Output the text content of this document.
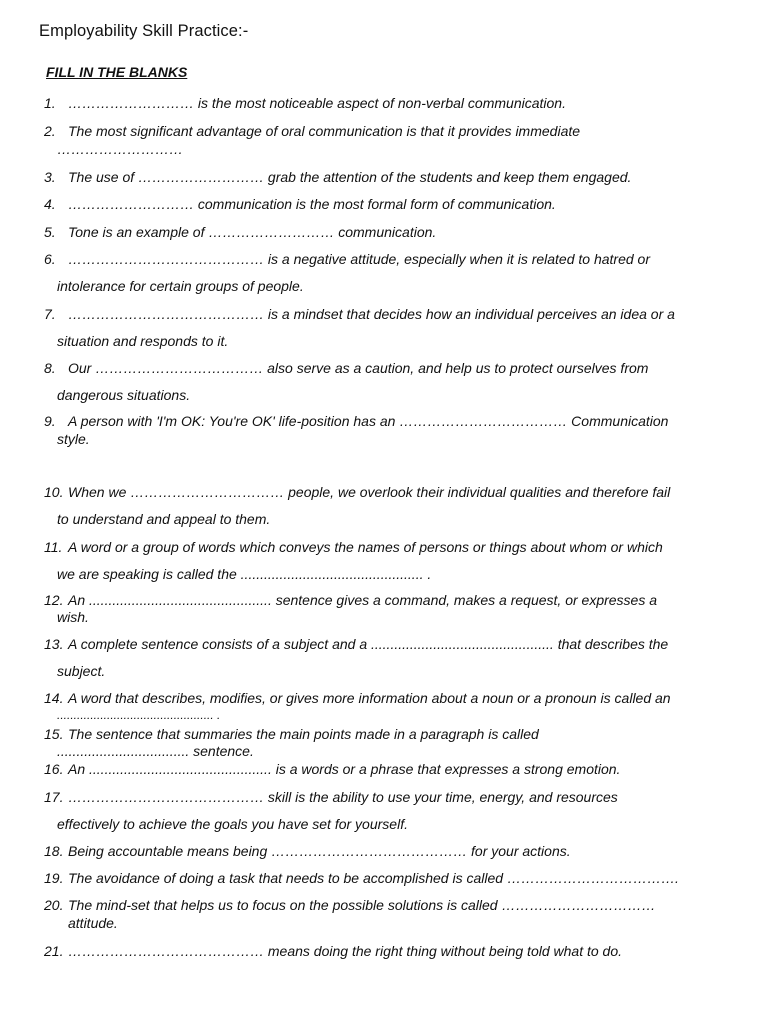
Employability Skill Practice:-
FILL IN THE BLANKS
1. ……………………… is the most noticeable aspect of non-verbal communication.
2. The most significant advantage of oral communication is that it provides immediate
………………………
3. The use of ……………………… grab the attention of the students and keep them engaged.
4. ……………………… communication is the most formal form of communication.
5. Tone is an example of ……………………… communication.
6. …………………………………… is a negative attitude, especially when it is related to hatred or
intolerance for certain groups of people.
7. …………………………………… is a mindset that decides how an individual perceives an idea or a
situation and responds to it.
8. Our ……………………………… also serve as a caution, and help us to protect ourselves from
dangerous situations.
9. A person with 'I'm OK: You're OK' life-position has an ……………………………… Communication
style.
10. When we …………………………… people, we overlook their individual qualities and therefore fail
to understand and appeal to them.
11. A word or a group of words which conveys the names of persons or things about whom or which
we are speaking is called the ............................................... .
12. An ............................................... sentence gives a command, makes a request, or expresses a
wish.
13. A complete sentence consists of a subject and a ............................................... that describes the
subject.
14. A word that describes, modifies, or gives more information about a noun or a pronoun is called an
............................................... .
15. The sentence that summaries the main points made in a paragraph is called
.................................. sentence.
16. An ............................................... is a words or a phrase that expresses a strong emotion.
17. …………………………………… skill is the ability to use your time, energy, and resources
effectively to achieve the goals you have set for yourself.
18. Being accountable means being …………………………………… for your actions.
19. The avoidance of doing a task that needs to be accomplished is called ……………………………….
20. The mind-set that helps us to focus on the possible solutions is called ……………………………
attitude.
21. …………………………………… means doing the right thing without being told what to do.
